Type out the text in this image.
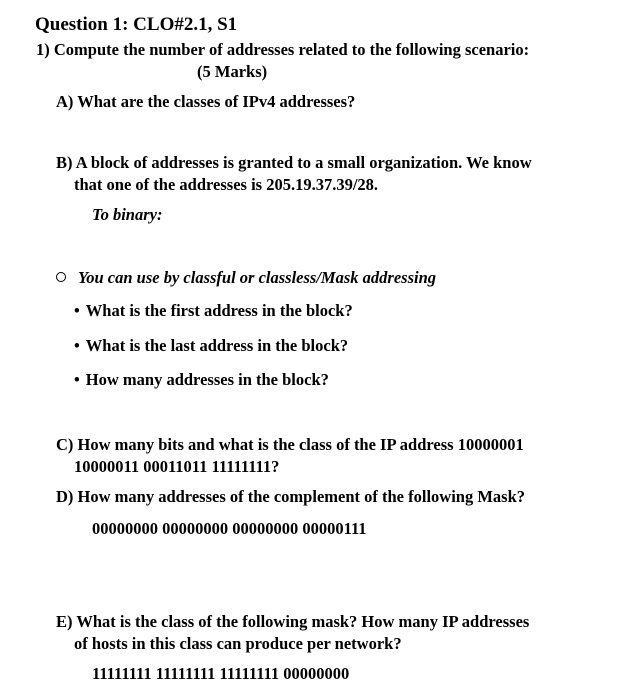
Question 1: CLO#2.1, S1
1) Compute the number of addresses related to the following scenario:
(5 Marks)
A) What are the classes of IPv4 addresses?
B) A block of addresses is granted to a small organization. We know
that one of the addresses is 205.19.37.39/28.
To binary:
You can use by classful or classless/Mask addressing
• What is the first address in the block?
• What is the last address in the block?
• How many addresses in the block?
C) How many bits and what is the class of the IP address 10000001
10000011 00011011 11111111?
D) How many addresses of the complement of the following Mask?
00000000 00000000 00000000 00000111
E) What is the class of the following mask? How many IP addresses
of hosts in this class can produce per network?
11111111 11111111 11111111 00000000
